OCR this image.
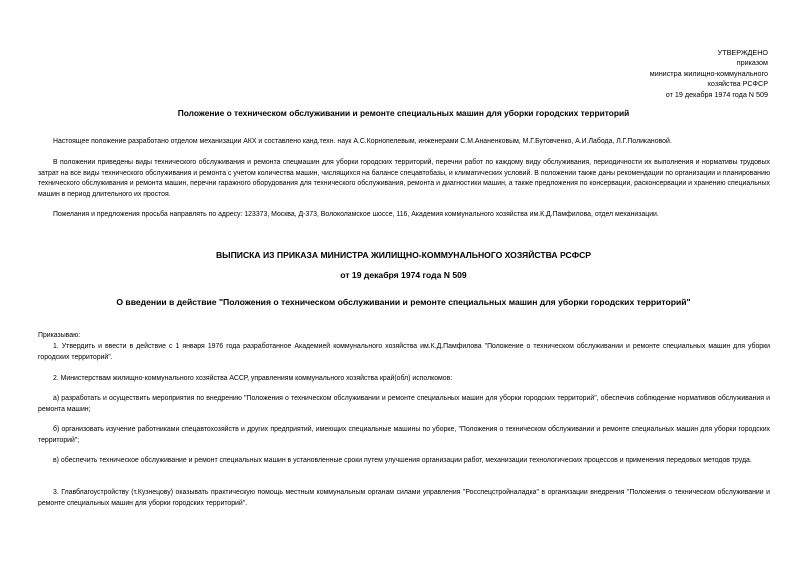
УТВЕРЖДЕНО
приказом
министра жилищно-коммунального
хозяйства РСФСР
от 19 декабря 1974 года N 509
Положение о техническом обслуживании и ремонте специальных машин для уборки городских территорий
Настоящее положение разработано отделом механизации АКХ и составлено канд.техн. наук А.С.Корнопелевым, инженерами С.М.Ананенковым, М.Г.Бутовченко, А.И.Лабода, Л.Г.Поликановой.
В положении приведены виды технического обслуживания и ремонта спецмашин для уборки городских территорий, перечни работ по каждому виду обслуживания, периодичности их выполнения и нормативы трудовых затрат на все виды технического обслуживания и ремонта с учетом количества машин, числящихся на балансе спецавтобазы, и климатических условий. В положении также даны рекомендации по организации и планированию технического обслуживания и ремонта машин, перечни гаражного оборудования для технического обслуживания, ремонта и диагностики машин, а также предложения по консервации, расконсервации и хранению специальных машин в период длительного их простоя.
Пожелания и предложения просьба направлять по адресу: 123373, Москва, Д-373, Волоколамское шоссе, 116, Академия коммунального хозяйства им.К.Д.Памфилова, отдел механизации.
ВЫПИСКА ИЗ ПРИКАЗА МИНИСТРА ЖИЛИЩНО-КОММУНАЛЬНОГО ХОЗЯЙСТВА РСФСР
от 19 декабря 1974 года N 509
О введении в действие "Положения о техническом обслуживании и ремонте специальных машин для уборки городских территорий"
Приказываю:
1. Утвердить и ввести в действие с 1 января 1976 года разработанное Академией коммунального хозяйства им.К.Д.Памфилова "Положение о техническом обслуживании и ремонте специальных машин для уборки городских территорий".
2. Министерствам жилищно-коммунального хозяйства АССР, управлениям коммунального хозяйства край(обл) исполкомов:
а) разработать и осуществить мероприятия по внедрению "Положения о техническом обслуживании и ремонте специальных машин для уборки городских территорий", обеспечив соблюдение нормативов обслуживания и ремонта машин;
б) организовать изучение работниками спецавтохозяйств и других предприятий, имеющих специальные машины по уборке, "Положения о техническом обслуживании и ремонте специальных машин для уборки городских территорий";
в) обеспечить техническое обслуживание и ремонт специальных машин в установленные сроки путем улучшения организации работ, механизации технологических процессов и применения передовых методов труда.
3. Главблагоустройству (т.Кузнецову) оказывать практическую помощь местным коммунальным органам силами управления "Росспецстройналадка" в организации внедрения "Положения о техническом обслуживании и ремонте специальных машин для уборки городских территорий".
